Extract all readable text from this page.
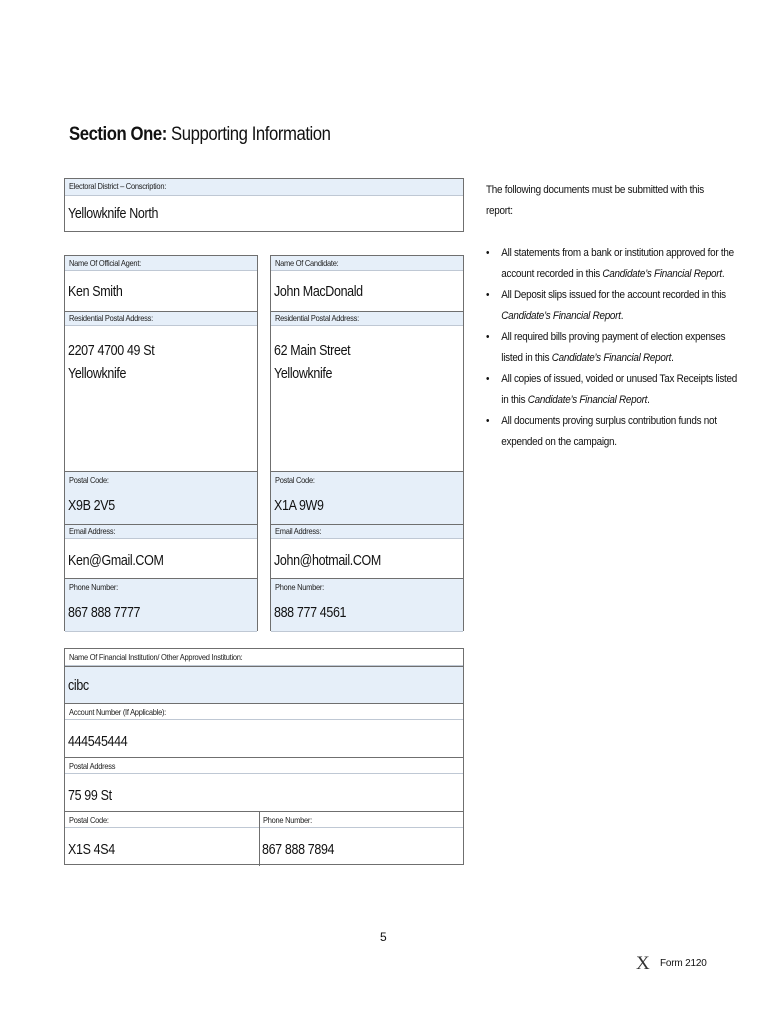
Section One: Supporting Information
Electoral District – Conscription:
Yellowknife North
Name Of Official Agent:
Ken Smith
Residential Postal Address:
2207 4700 49 St
Yellowknife
Postal Code:
X9B 2V5
Email Address:
Ken@Gmail.COM
Phone Number:
867 888 7777
Name Of Candidate:
John MacDonald
Residential Postal Address:
62 Main Street
Yellowknife
Postal Code:
X1A 9W9
Email Address:
John@hotmail.COM
Phone Number:
888 777 4561
Name Of Financial Institution/ Other Approved Institution:
cibc
Account Number (If Applicable):
444545444
Postal Address
75 99 St
Postal Code:	Phone Number:
X1S 4S4	867 888 7894
The following documents must be submitted with this report:
• All statements from a bank or institution approved for the account recorded in this Candidate’s Financial Report.
• All Deposit slips issued for the account recorded in this Candidate’s Financial Report.
• All required bills proving payment of election expenses listed in this Candidate’s Financial Report.
• All copies of issued, voided or unused Tax Receipts listed in this Candidate’s Financial Report.
• All documents proving surplus contribution funds not expended on the campaign.
5
X Form 2120
